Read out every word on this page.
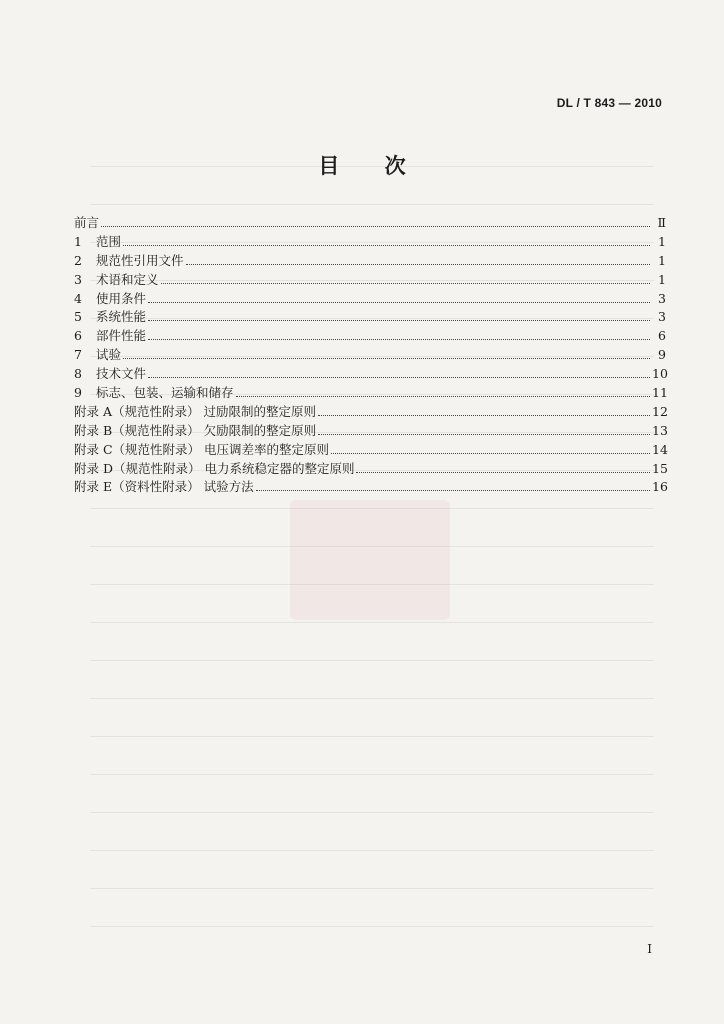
DL / T 843 — 2010
目 次
前言	Ⅱ
1	范围	1
2	规范性引用文件	1
3	术语和定义	1
4	使用条件	3
5	系统性能	3
6	部件性能	6
7	试验	9
8	技术文件	10
9	标志、包装、运输和储存	11
附录 A（规范性附录） 过励限制的整定原则	12
附录 B（规范性附录） 欠励限制的整定原则	13
附录 C（规范性附录） 电压调差率的整定原则	14
附录 D（规范性附录） 电力系统稳定器的整定原则	15
附录 E（资料性附录） 试验方法	16
I
